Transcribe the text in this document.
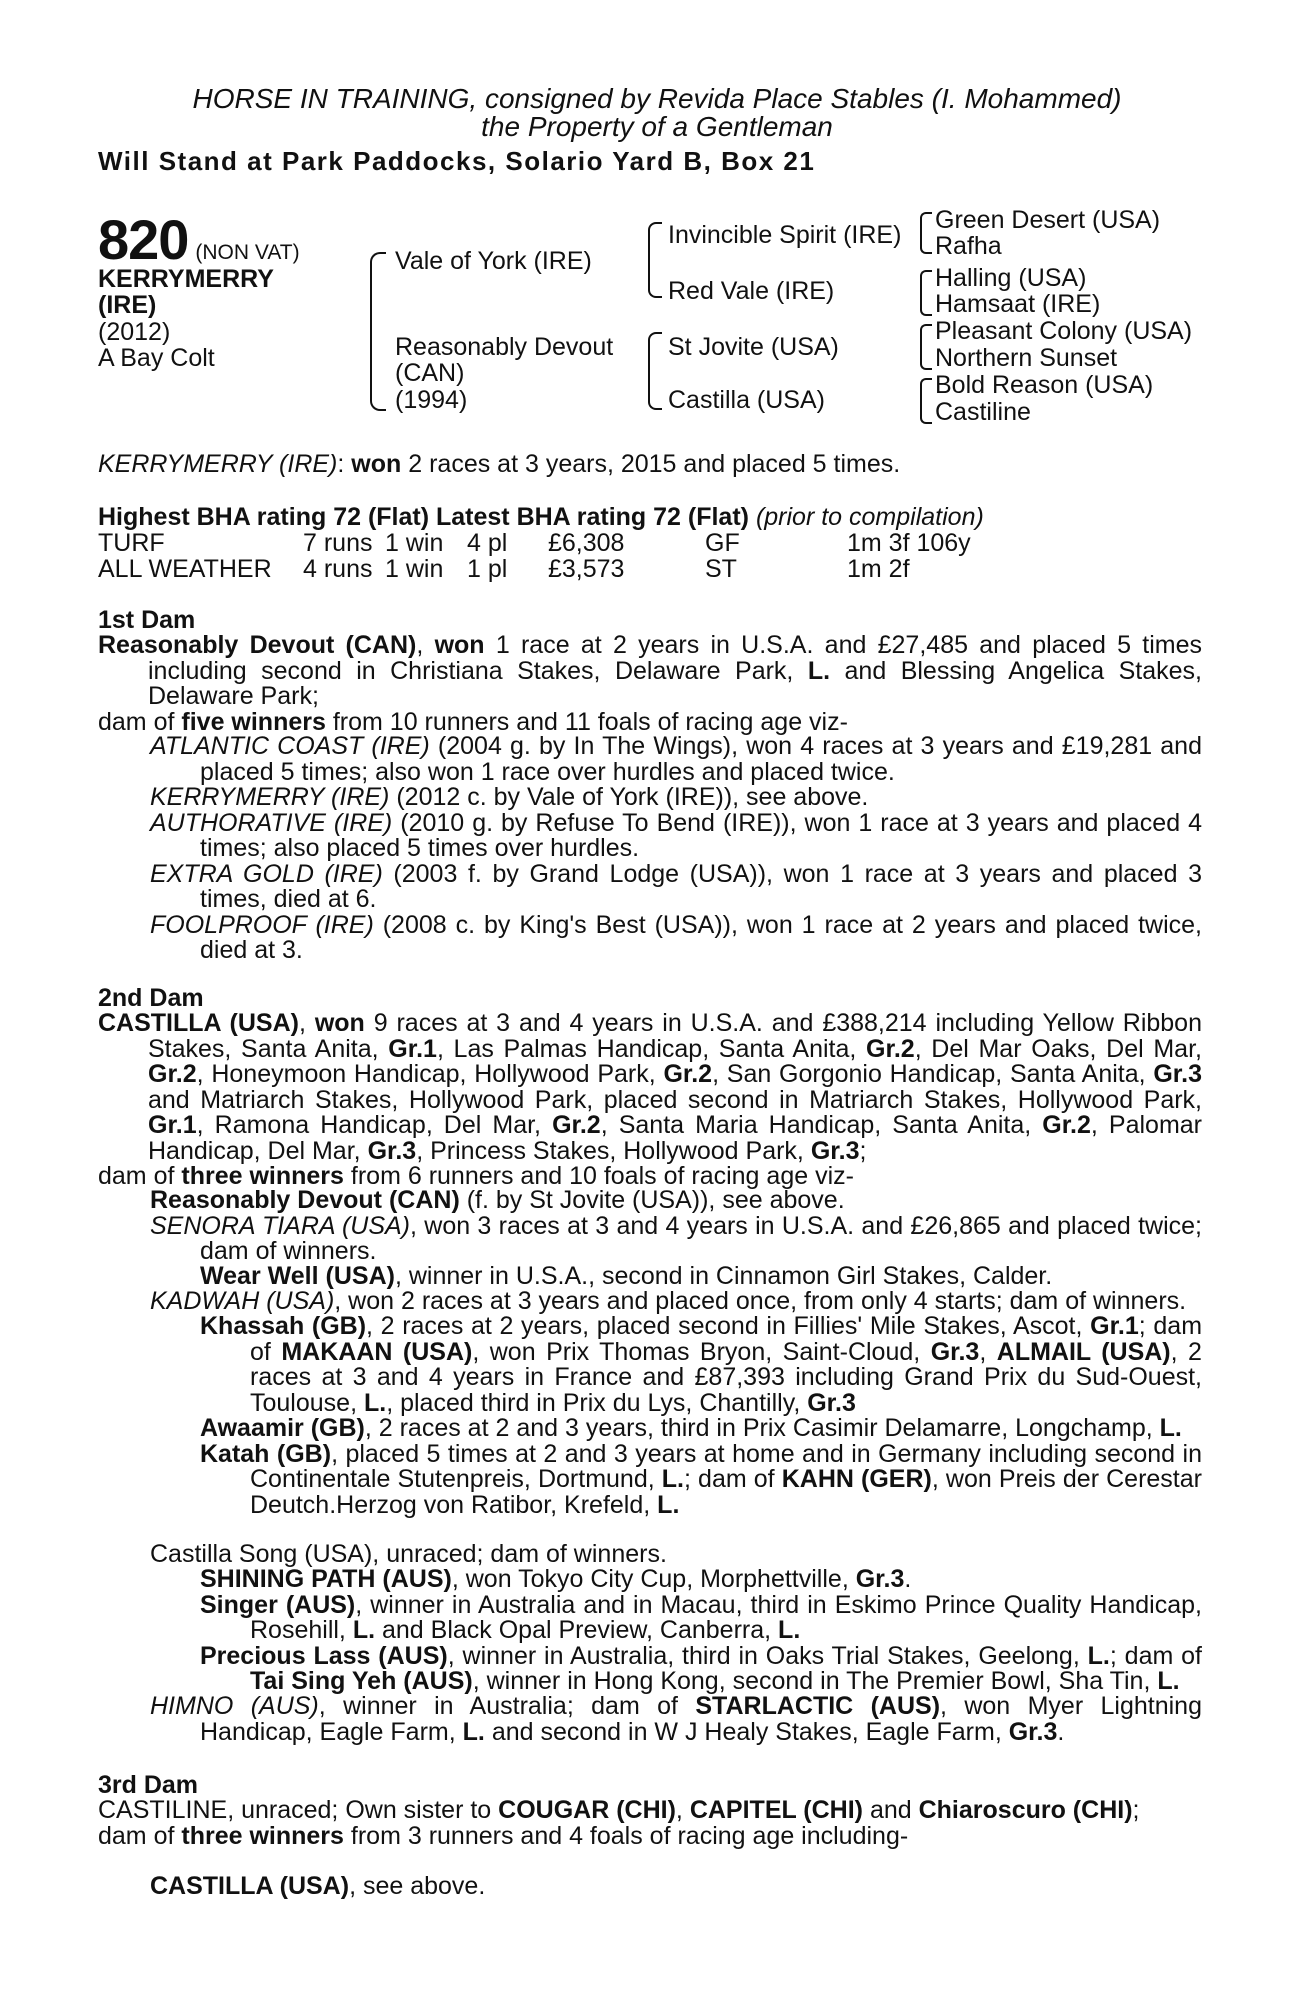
HORSE IN TRAINING, consigned by Revida Place Stables (I. Mohammed)
the Property of a Gentleman
Will Stand at Park Paddocks, Solario Yard B, Box 21
820 (NON VAT)
KERRYMERRY
(IRE)
(2012)
A Bay Colt
Vale of York (IRE)
Reasonably Devout
(CAN)
(1994)
Invincible Spirit (IRE)
Red Vale (IRE)
St Jovite (USA)
Castilla (USA)
Green Desert (USA)
Rafha
Halling (USA)
Hamsaat (IRE)
Pleasant Colony (USA)
Northern Sunset
Bold Reason (USA)
Castiline
KERRYMERRY (IRE): won 2 races at 3 years, 2015 and placed 5 times.
Highest BHA rating 72 (Flat) Latest BHA rating 72 (Flat) (prior to compilation)
TURF	7 runs 1 win 4 pl £6,308	GF	1m 3f 106y
ALL WEATHER 4 runs 1 win 1 pl £3,573	ST	1m 2f
1st Dam
Reasonably Devout (CAN), won 1 race at 2 years in U.S.A. and £27,485 and placed 5 times including second in Christiana Stakes, Delaware Park, L. and Blessing Angelica Stakes, Delaware Park;
dam of five winners from 10 runners and 11 foals of racing age viz-
ATLANTIC COAST (IRE) (2004 g. by In The Wings), won 4 races at 3 years and £19,281 and placed 5 times; also won 1 race over hurdles and placed twice.
KERRYMERRY (IRE) (2012 c. by Vale of York (IRE)), see above.
AUTHORATIVE (IRE) (2010 g. by Refuse To Bend (IRE)), won 1 race at 3 years and placed 4 times; also placed 5 times over hurdles.
EXTRA GOLD (IRE) (2003 f. by Grand Lodge (USA)), won 1 race at 3 years and placed 3 times, died at 6.
FOOLPROOF (IRE) (2008 c. by King's Best (USA)), won 1 race at 2 years and placed twice, died at 3.
2nd Dam
CASTILLA (USA), won 9 races at 3 and 4 years in U.S.A. and £388,214 including Yellow Ribbon Stakes, Santa Anita, Gr.1, Las Palmas Handicap, Santa Anita, Gr.2, Del Mar Oaks, Del Mar, Gr.2, Honeymoon Handicap, Hollywood Park, Gr.2, San Gorgonio Handicap, Santa Anita, Gr.3 and Matriarch Stakes, Hollywood Park, placed second in Matriarch Stakes, Hollywood Park, Gr.1, Ramona Handicap, Del Mar, Gr.2, Santa Maria Handicap, Santa Anita, Gr.2, Palomar Handicap, Del Mar, Gr.3, Princess Stakes, Hollywood Park, Gr.3;
dam of three winners from 6 runners and 10 foals of racing age viz-
Reasonably Devout (CAN) (f. by St Jovite (USA)), see above.
SENORA TIARA (USA), won 3 races at 3 and 4 years in U.S.A. and £26,865 and placed twice; dam of winners.
Wear Well (USA), winner in U.S.A., second in Cinnamon Girl Stakes, Calder.
KADWAH (USA), won 2 races at 3 years and placed once, from only 4 starts; dam of winners.
Khassah (GB), 2 races at 2 years, placed second in Fillies' Mile Stakes, Ascot, Gr.1; dam of MAKAAN (USA), won Prix Thomas Bryon, Saint-Cloud, Gr.3, ALMAIL (USA), 2 races at 3 and 4 years in France and £87,393 including Grand Prix du Sud-Ouest, Toulouse, L., placed third in Prix du Lys, Chantilly, Gr.3
Awaamir (GB), 2 races at 2 and 3 years, third in Prix Casimir Delamarre, Longchamp, L.
Katah (GB), placed 5 times at 2 and 3 years at home and in Germany including second in Continentale Stutenpreis, Dortmund, L.; dam of KAHN (GER), won Preis der Cerestar Deutch.Herzog von Ratibor, Krefeld, L.
Castilla Song (USA), unraced; dam of winners.
SHINING PATH (AUS), won Tokyo City Cup, Morphettville, Gr.3.
Singer (AUS), winner in Australia and in Macau, third in Eskimo Prince Quality Handicap, Rosehill, L. and Black Opal Preview, Canberra, L.
Precious Lass (AUS), winner in Australia, third in Oaks Trial Stakes, Geelong, L.; dam of Tai Sing Yeh (AUS), winner in Hong Kong, second in The Premier Bowl, Sha Tin, L.
HIMNO (AUS), winner in Australia; dam of STARLACTIC (AUS), won Myer Lightning Handicap, Eagle Farm, L. and second in W J Healy Stakes, Eagle Farm, Gr.3.
3rd Dam
CASTILINE, unraced; Own sister to COUGAR (CHI), CAPITEL (CHI) and Chiaroscuro (CHI);
dam of three winners from 3 runners and 4 foals of racing age including-
CASTILLA (USA), see above.
